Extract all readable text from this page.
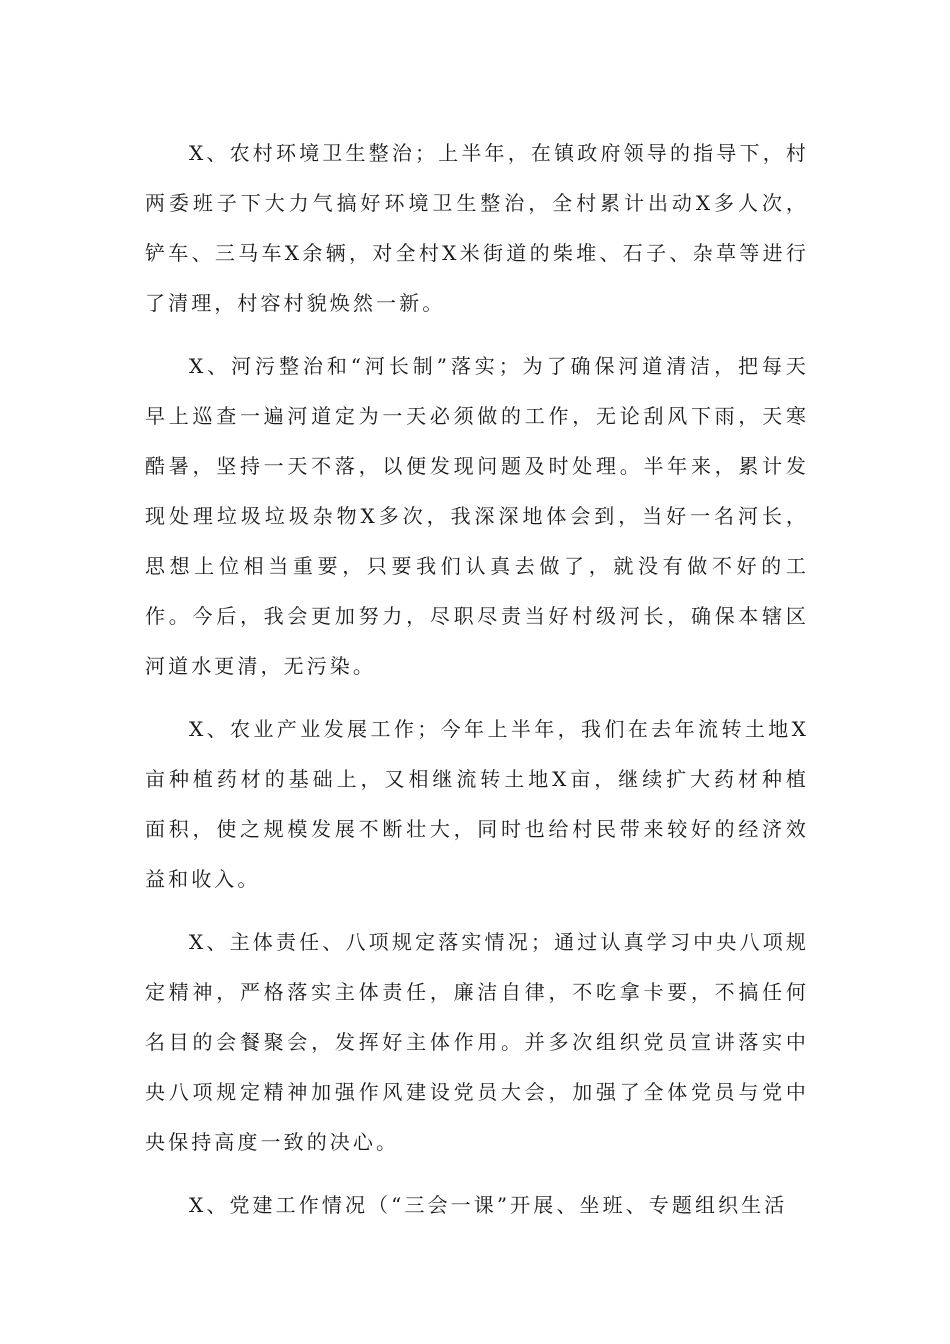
X、农村环境卫生整治；上半年，在镇政府领导的指导下，村两委班子下大力气搞好环境卫生整治，全村累计出动X多人次，铲车、三马车X余辆，对全村X米街道的柴堆、石子、杂草等进行了清理，村容村貌焕然一新。

X、河污整治和“河长制”落实；为了确保河道清洁，把每天早上巡查一遍河道定为一天必须做的工作，无论刮风下雨，天寒酷暑，坚持一天不落，以便发现问题及时处理。半年来，累计发现处理垃圾垃圾杂物X多次，我深深地体会到，当好一名河长，思想上位相当重要，只要我们认真去做了，就没有做不好的工作。今后，我会更加努力，尽职尽责当好村级河长，确保本辖区河道水更清，无污染。

X、农业产业发展工作；今年上半年，我们在去年流转土地X亩种植药材的基础上，又相继流转土地X亩，继续扩大药材种植面积，使之规模发展不断壮大，同时也给村民带来较好的经济效益和收入。

X、主体责任、八项规定落实情况；通过认真学习中央八项规定精神，严格落实主体责任，廉洁自律，不吃拿卡要，不搞任何名目的会餐聚会，发挥好主体作用。并多次组织党员宣讲落实中央八项规定精神加强作风建设党员大会，加强了全体党员与党中央保持高度一致的决心。

X、党建工作情况（“三会一课”开展、坐班、专题组织生活
